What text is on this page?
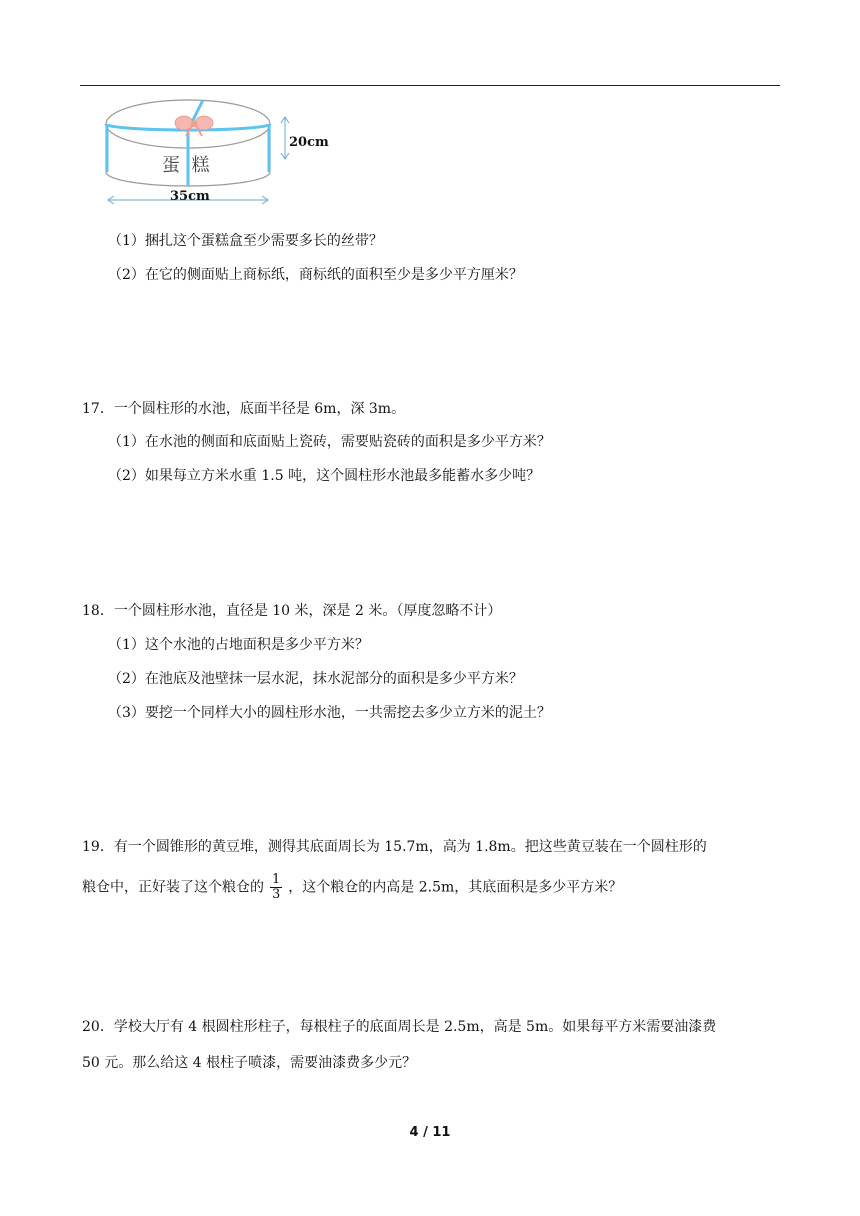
20cm
蛋  糕
35cm
（1）捆扎这个蛋糕盒至少需要多长的丝带？
（2）在它的侧面贴上商标纸，商标纸的面积至少是多少平方厘米？
17．一个圆柱形的水池，底面半径是 6m，深 3m。
（1）在水池的侧面和底面贴上瓷砖，需要贴瓷砖的面积是多少平方米？
（2）如果每立方米水重 1.5 吨，这个圆柱形水池最多能蓄水多少吨？
18．一个圆柱形水池，直径是 10 米，深是 2 米。（厚度忽略不计）
（1）这个水池的占地面积是多少平方米？
（2）在池底及池壁抹一层水泥，抹水泥部分的面积是多少平方米？
（3）要挖一个同样大小的圆柱形水池，一共需挖去多少立方米的泥土？
19．有一个圆锥形的黄豆堆，测得其底面周长为 15.7m，高为 1.8m。把这些黄豆装在一个圆柱形的
粮仓中，正好装了这个粮仓的 $\frac{1}{3}$ ，这个粮仓的内高是 2.5m，其底面积是多少平方米？
20．学校大厅有 4 根圆柱形柱子，每根柱子的底面周长是 2.5m，高是 5m。如果每平方米需要油漆费
50 元。那么给这 4 根柱子喷漆，需要油漆费多少元？
4 / 11
